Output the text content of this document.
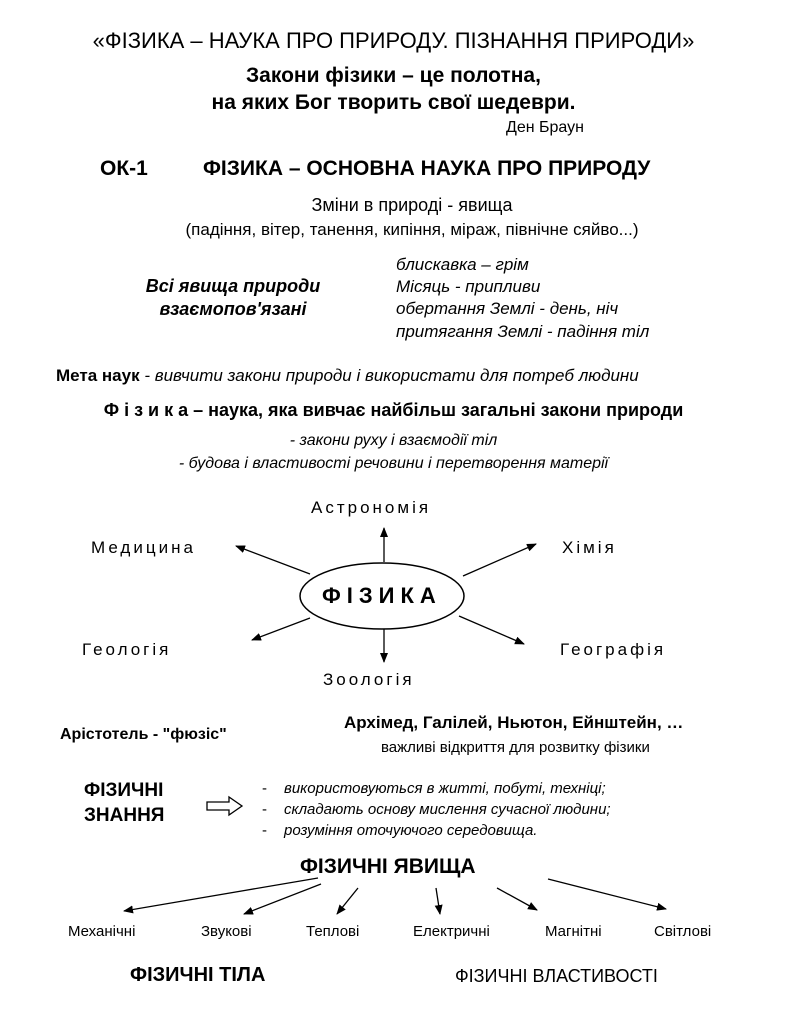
«ФІЗИКА – НАУКА ПРО ПРИРОДУ. ПІЗНАННЯ ПРИРОДИ»
Закони фізики – це полотна,
на яких Бог творить свої шедеври.
Ден Браун
ОК-1	ФІЗИКА – ОСНОВНА НАУКА ПРО ПРИРОДУ
Зміни в природі - явища
(падіння, вітер, танення, кипіння, міраж, північне сяйво...)
Всі явища природи
взаємопов'язані
блискавка – грім
Місяць - припливи
обертання Землі - день, ніч
притягання Землі - падіння тіл
Мета наук - вивчити закони природи і використати для потреб людини
Ф і з и к а – наука, яка вивчає найбільш загальні закони природи
- закони руху і взаємодії тіл
- будова і властивості речовини і перетворення матерії
ФІЗИКА
Астрономія
Хімія
Медицина
Геологія	Географія
Зоологія
Арістотель - "фюзіс"
Архімед, Галілей, Ньютон, Ейнштейн, …
важливі відкриття для розвитку фізики
ФІЗИЧНІ
ЗНАННЯ
- використовуються в житті, побуті, техніці;
- складають основу мислення сучасної людини;
- розуміння оточуючого середовища.
ФІЗИЧНІ ЯВИЩА
Механічні	Звукові	Теплові	Електричні	Магнітні	Світлові
ФІЗИЧНІ ТІЛА	ФІЗИЧНІ ВЛАСТИВОСТІ
